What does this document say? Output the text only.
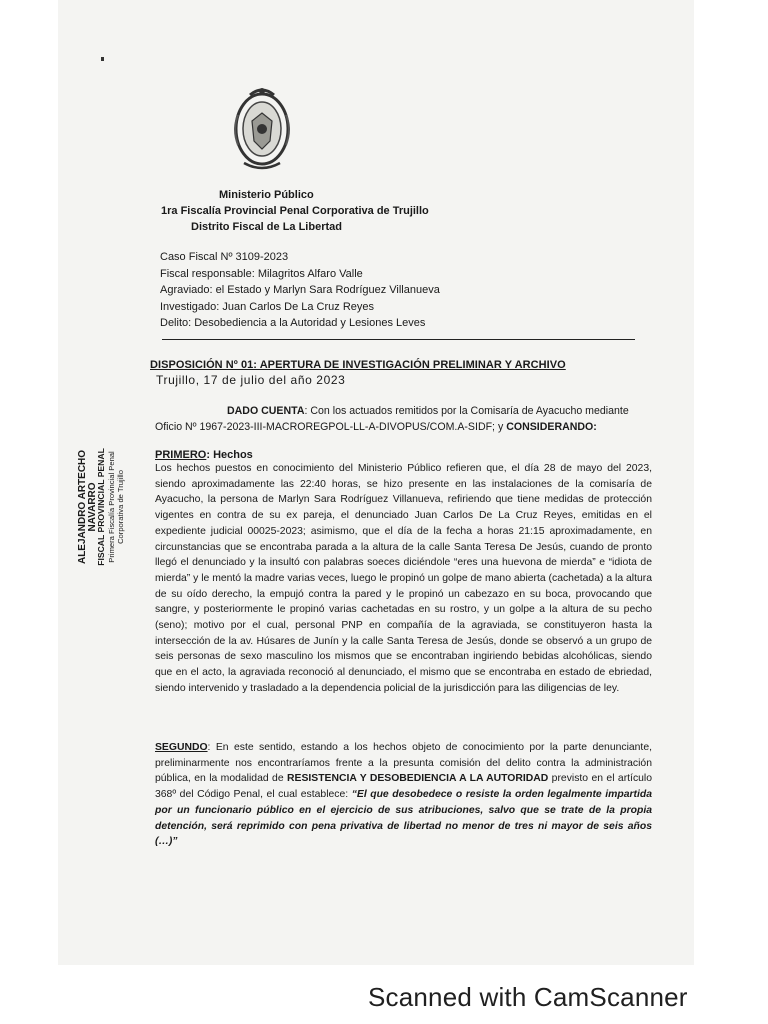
Ministerio Público
1ra Fiscalía Provincial Penal Corporativa de Trujillo
Distrito Fiscal de La Libertad
Caso Fiscal Nº 3109-2023
Fiscal responsable: Milagritos Alfaro Valle
Agraviado: el Estado y Marlyn Sara Rodríguez Villanueva
Investigado: Juan Carlos De La Cruz Reyes
Delito: Desobediencia a la Autoridad y Lesiones Leves
DISPOSICIÓN Nº 01: APERTURA DE INVESTIGACIÓN PRELIMINAR Y ARCHIVO
Trujillo, 17 de julio del año 2023
DADO CUENTA: Con los actuados remitidos por la Comisaría de Ayacucho mediante
Oficio Nº 1967-2023-III-MACROREGPOL-LL-A-DIVOPUS/COM.A-SIDF; y CONSIDERANDO:
PRIMERO: Hechos
Los hechos puestos en conocimiento del Ministerio Público refieren que, el día 28 de mayo del 2023, siendo aproximadamente las 22:40 horas, se hizo presente en las instalaciones de la comisaría de Ayacucho, la persona de Marlyn Sara Rodríguez Villanueva, refiriendo que tiene medidas de protección vigentes en contra de su ex pareja, el denunciado Juan Carlos De La Cruz Reyes, emitidas en el expediente judicial 00025-2023; asimismo, que el día de la fecha a horas 21:15 aproximadamente, en circunstancias que se encontraba parada a la altura de la calle Santa Teresa De Jesús, cuando de pronto llegó el denunciado y la insultó con palabras soeces diciéndole “eres una huevona de mierda” e “idiota de mierda” y le mentó la madre varias veces, luego le propinó un golpe de mano abierta (cachetada) a la altura de su oído derecho, la empujó contra la pared y le propinó un cabezazo en su boca, provocando que sangre, y posteriormente le propinó varias cachetadas en su rostro, y un golpe a la altura de su pecho (seno); motivo por el cual, personal PNP en compañía de la agraviada, se constituyeron hasta la intersección de la av. Húsares de Junín y la calle Santa Teresa de Jesús, donde se observó a un grupo de seis personas de sexo masculino los mismos que se encontraban ingiriendo bebidas alcohólicas, siendo que en el acto, la agraviada reconoció al denunciado, el mismo que se encontraba en estado de ebriedad, siendo intervenido y trasladado a la dependencia policial de la jurisdicción para las diligencias de ley.
SEGUNDO: En este sentido, estando a los hechos objeto de conocimiento por la parte denunciante, preliminarmente nos encontraríamos frente a la presunta comisión del delito contra la administración pública, en la modalidad de RESISTENCIA Y DESOBEDIENCIA A LA AUTORIDAD previsto en el artículo 368º del Código Penal, el cual establece: “El que desobedece o resiste la orden legalmente impartida por un funcionario público en el ejercicio de sus atribuciones, salvo que se trate de la propia detención, será reprimido con pena privativa de libertad no menor de tres ni mayor de seis años (…)”
ALEJANDRO ARTECHO NAVARRO
FISCAL PROVINCIAL PENAL Primera Fiscalía Provincial Penal Corporativa de Trujillo
Scanned with CamScanner
